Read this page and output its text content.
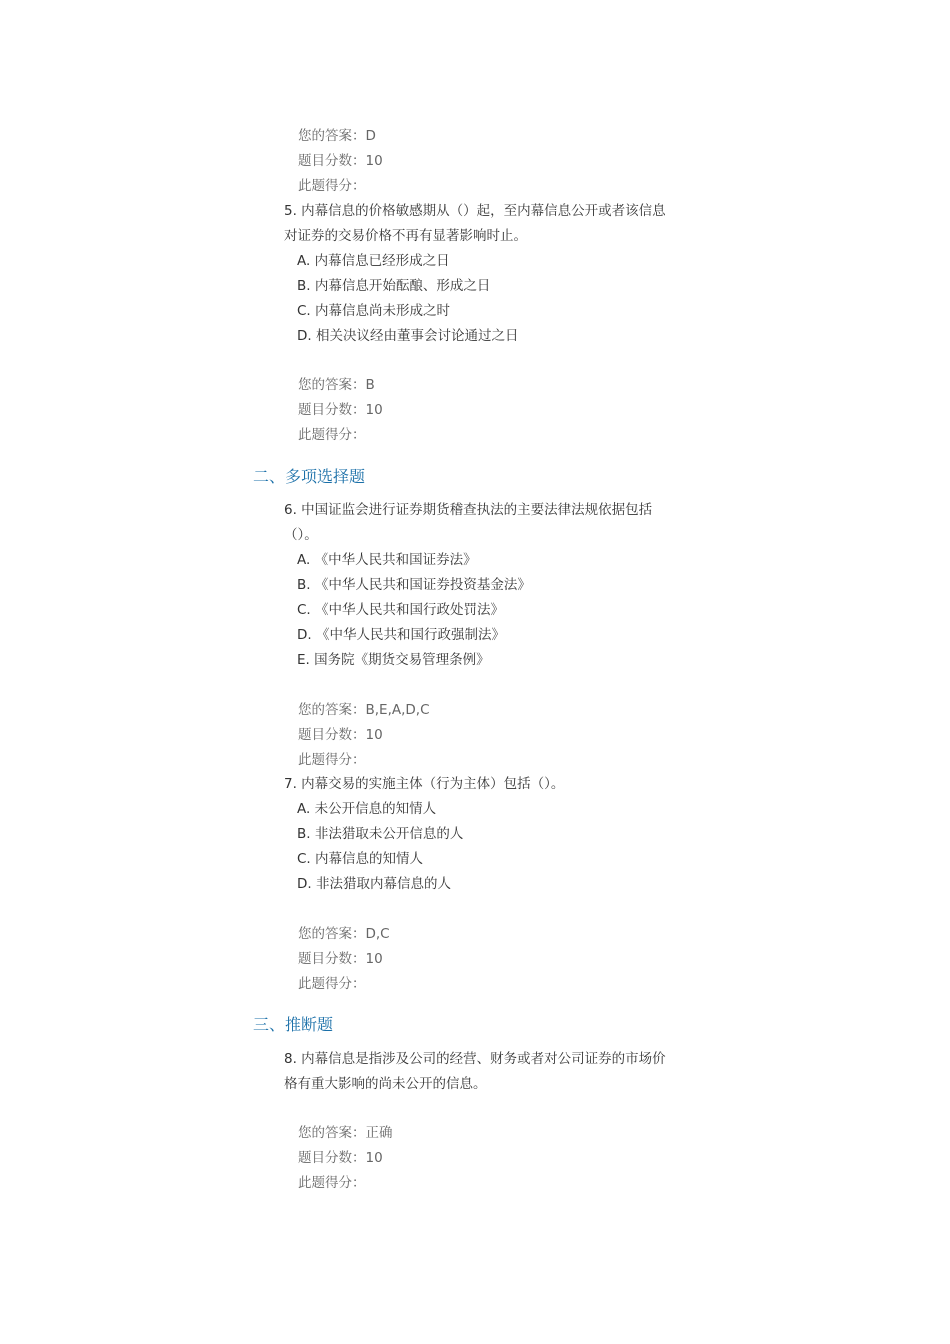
您的答案：D
题目分数：10
此题得分：
5. 内幕信息的价格敏感期从（）起，至内幕信息公开或者该信息
对证券的交易价格不再有显著影响时止。
A. 内幕信息已经形成之日
B. 内幕信息开始酝酿、形成之日
C. 内幕信息尚未形成之时
D. 相关决议经由董事会讨论通过之日
您的答案：B
题目分数：10
此题得分：
二、多项选择题
6. 中国证监会进行证券期货稽查执法的主要法律法规依据包括
（）。
A. 《中华人民共和国证券法》
B. 《中华人民共和国证券投资基金法》
C. 《中华人民共和国行政处罚法》
D. 《中华人民共和国行政强制法》
E. 国务院《期货交易管理条例》
您的答案：B,E,A,D,C
题目分数：10
此题得分：
7. 内幕交易的实施主体（行为主体）包括（）。
A. 未公开信息的知情人
B. 非法猎取未公开信息的人
C. 内幕信息的知情人
D. 非法猎取内幕信息的人
您的答案：D,C
题目分数：10
此题得分：
三、推断题
8. 内幕信息是指涉及公司的经营、财务或者对公司证券的市场价
格有重大影响的尚未公开的信息。
您的答案：正确
题目分数：10
此题得分：
